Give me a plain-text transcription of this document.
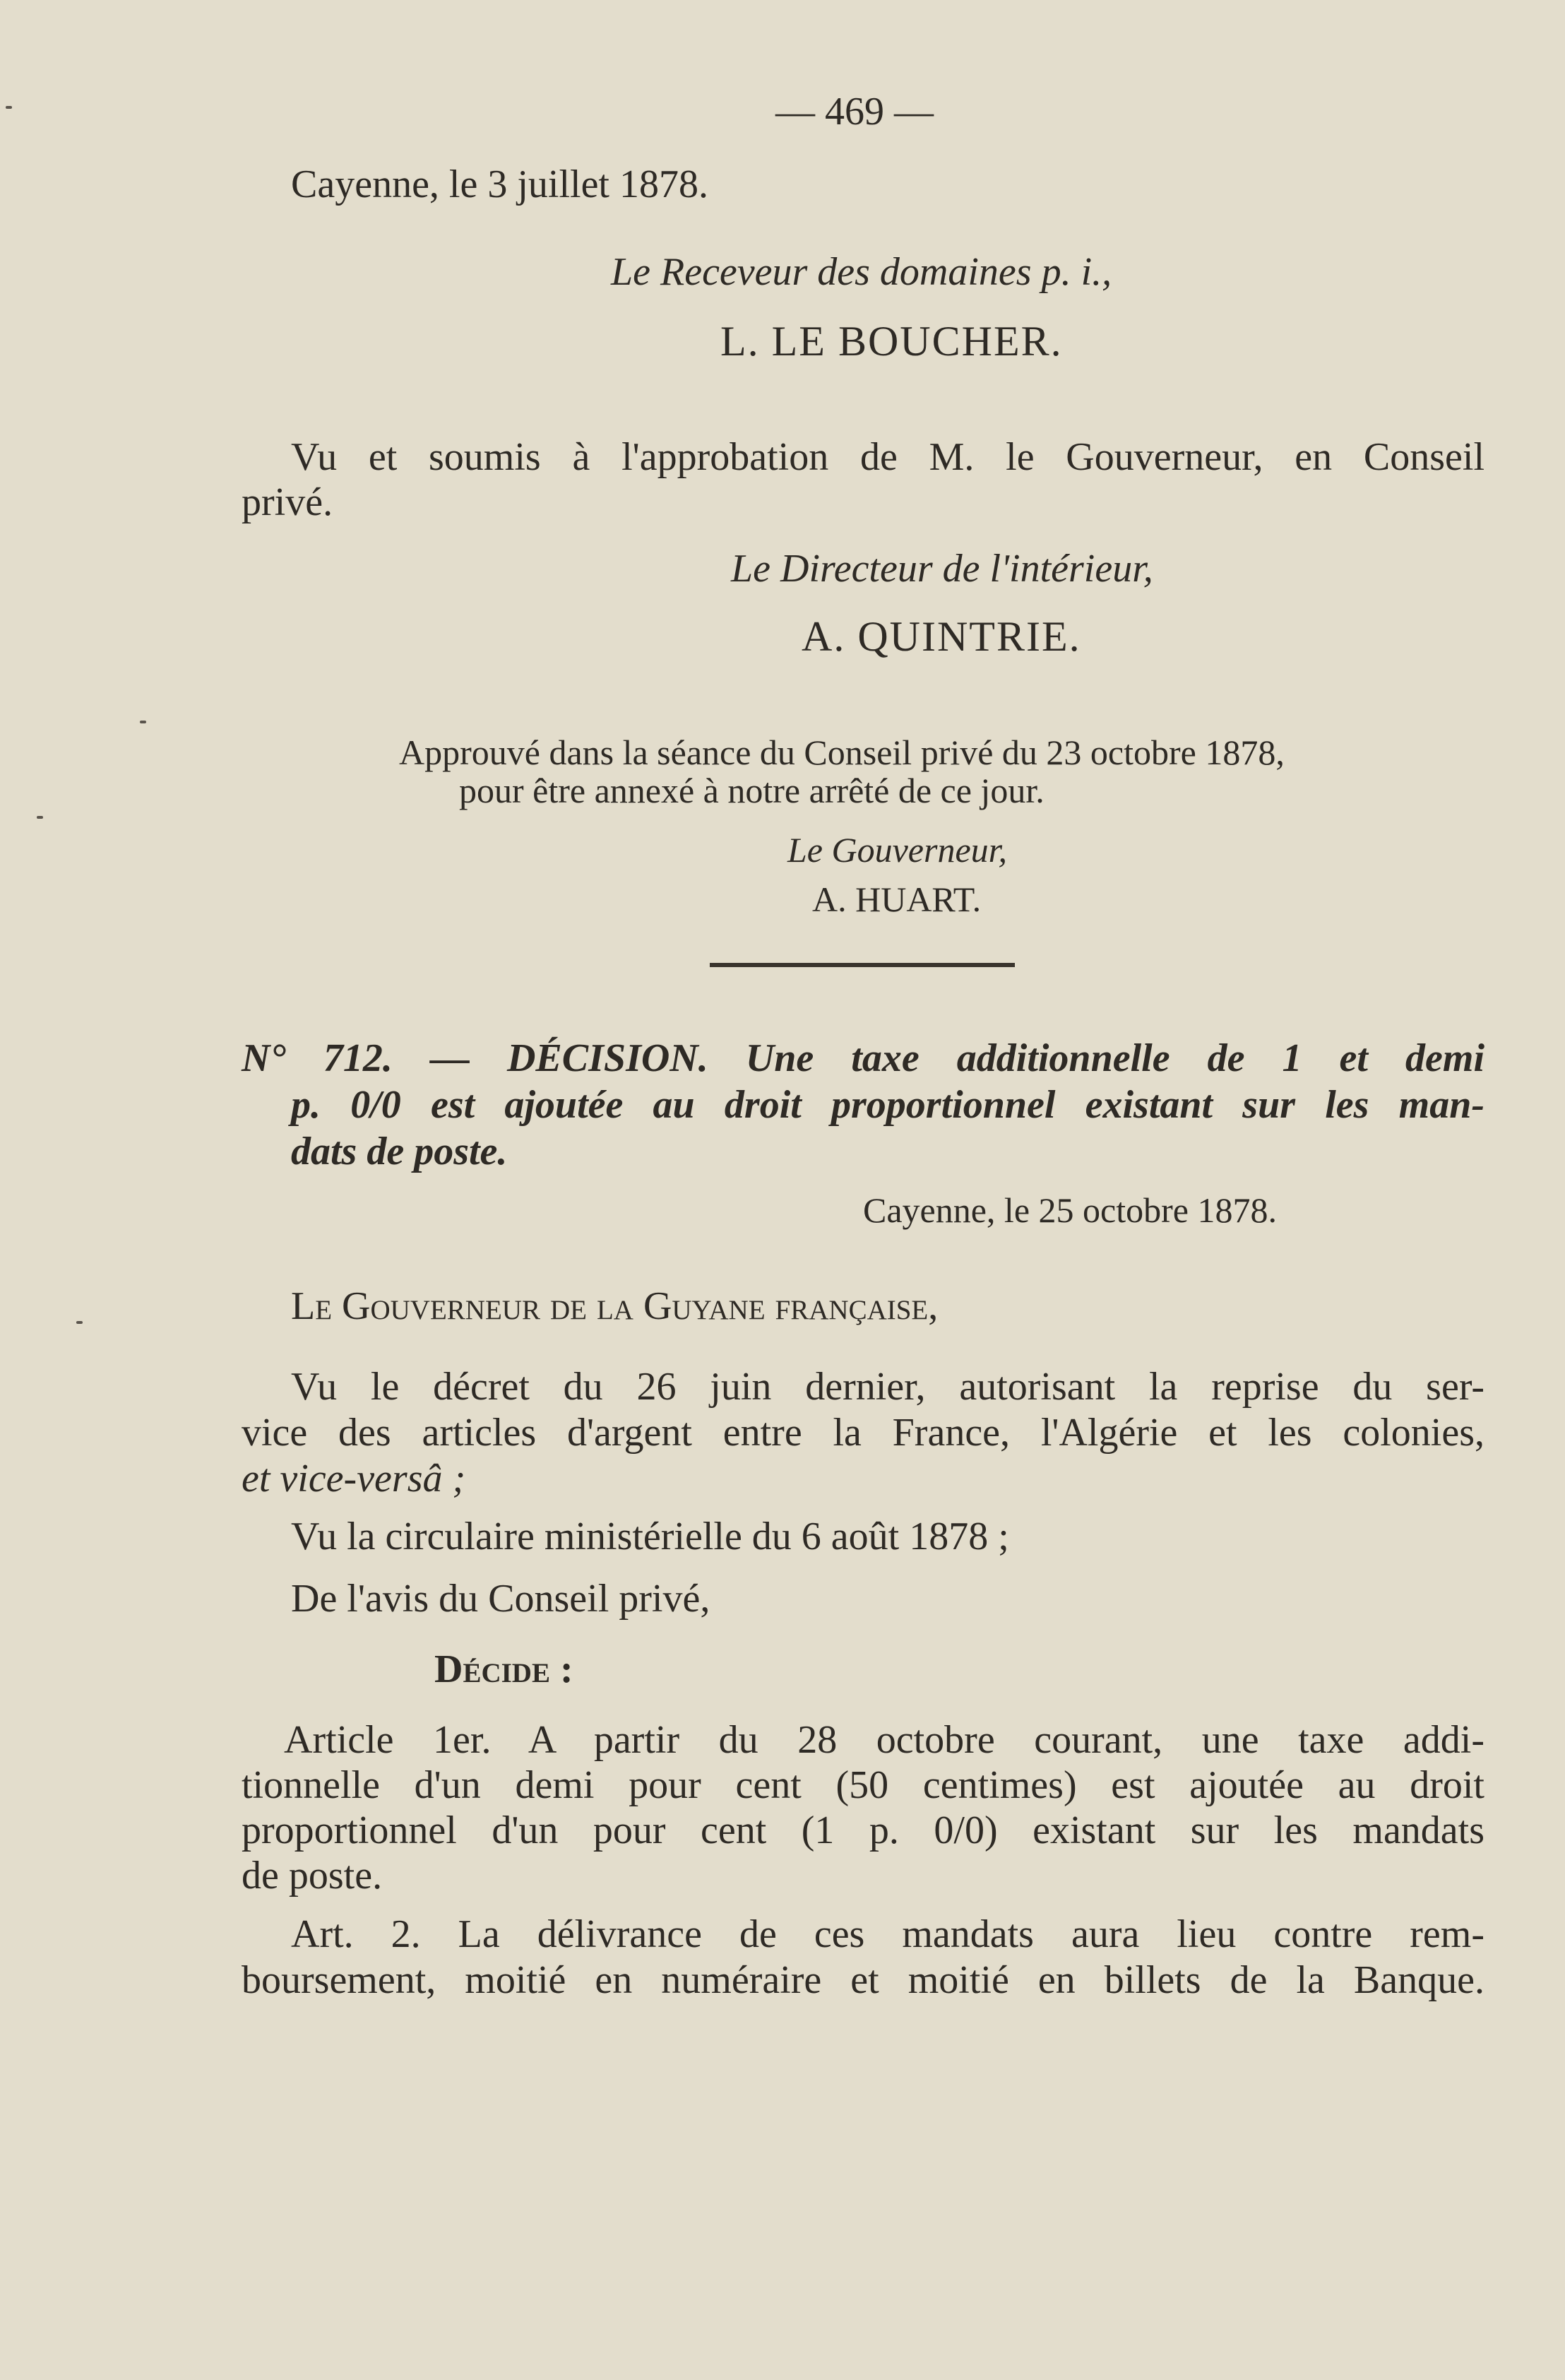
— 469 —

Cayenne, le 3 juillet 1878.

Le Receveur des domaines p. i.,

L. LE BOUCHER.

Vu et soumis à l'approbation de M. le Gouverneur, en Conseil

privé.

Le Directeur de l'intérieur,

A. QUINTRIE.

Approuvé dans la séance du Conseil privé du 23 octobre 1878,

pour être annexé à notre arrêté de ce jour.

Le Gouverneur,

A. HUART.

N° 712. — DÉCISION. Une taxe additionnelle de 1 et demi

p. 0/0 est ajoutée au droit proportionnel existant sur les man-

dats de poste.

Cayenne, le 25 octobre 1878.

Le Gouverneur de la Guyane française,

Vu le décret du 26 juin dernier, autorisant la reprise du ser-

vice des articles d'argent entre la France, l'Algérie et les colonies,

et vice-versâ ;

Vu la circulaire ministérielle du 6 août 1878 ;

De l'avis du Conseil privé,

Décide :

Article 1er. A partir du 28 octobre courant, une taxe addi-

tionnelle d'un demi pour cent (50 centimes) est ajoutée au droit

proportionnel d'un pour cent (1 p. 0/0) existant sur les mandats

de poste.

Art. 2. La délivrance de ces mandats aura lieu contre rem-

boursement, moitié en numéraire et moitié en billets de la Banque.
